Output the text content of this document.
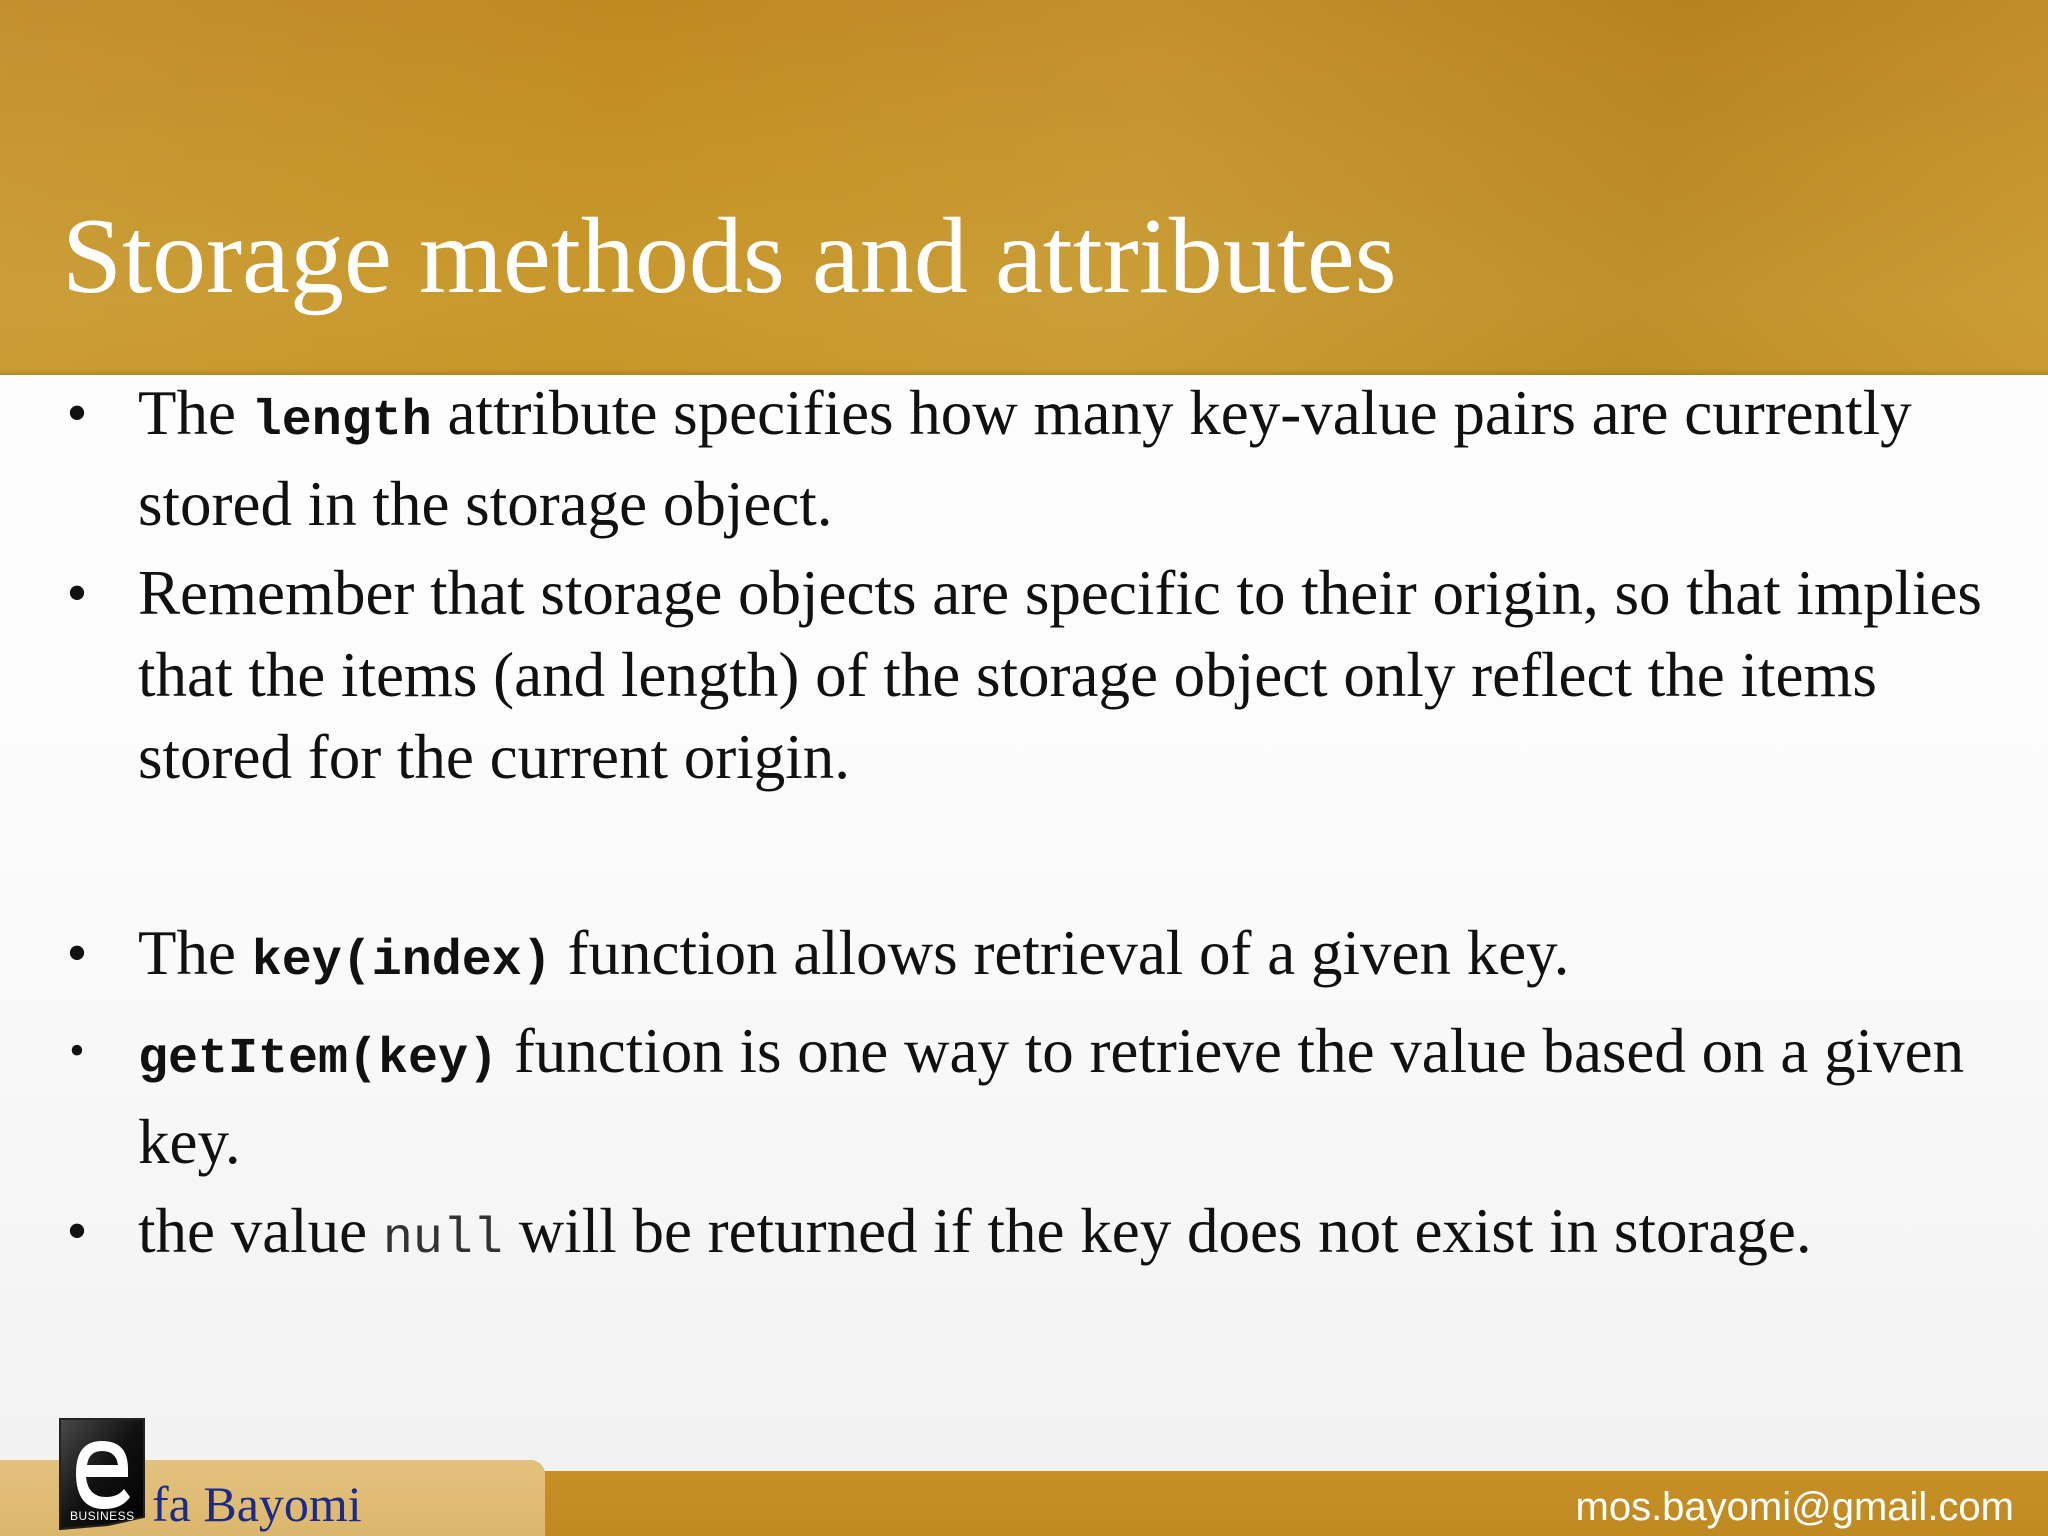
Storage methods and attributes
• The length attribute specifies how many key-value pairs are currently stored in the storage object.
• Remember that storage objects are specific to their origin, so that implies that the items (and length) of the storage object only reflect the items stored for the current origin.
• The key(index) function allows retrieval of a given key.
• getItem(key) function is one way to retrieve the value based on a given key.
• the value null will be returned if the key does not exist in storage.
fa Bayomi	mos.bayomi@gmail.com
BUSINESS
